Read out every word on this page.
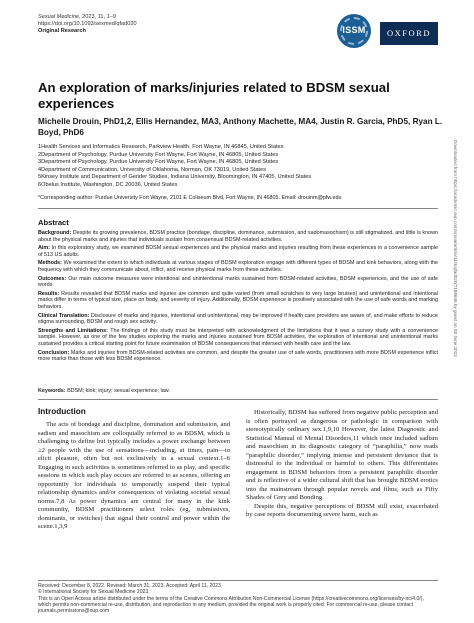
Sexual Medicine, 2023, 11, 1–9
https://doi.org/10.1093/sexmed/qfad020
Original Research	ISSM	OXFORD
An exploration of marks/injuries related to BDSM sexual experiences
Michelle Drouin, PhD1,2, Ellis Hernandez, MA3, Anthony Machette, MA4, Justin R. Garcia, PhD5, Ryan L. Boyd, PhD6
1Health Services and Informatics Research, Parkview Health, Fort Wayne, IN 46845, United States
2Department of Psychology, Purdue University Fort Wayne, Fort Wayne, IN 46805, United States
3Department of Psychology, Purdue University Fort Wayne, Fort Wayne, IN 46805, United States
4Department of Communication, University of Oklahoma, Norman, OK 73019, United States
5Kinsey Institute and Department of Gender Studies, Indiana University, Bloomington, IN 47405, United States
6Obelus Institute, Washington, DC 20036, United States
*Corresponding author: Purdue University Fort Wayne, 2101 E Coliseum Blvd, Fort Wayne, IN 46805. Email: drouinm@pfw.edu
Abstract

Background: Despite its growing prevalence, BDSM practice (bondage, discipline, dominance, submission, and sadomasochism) is still stigmatized, and little is known about the physical marks and injuries that individuals sustain from consensual BDSM-related activities.

Aim: In this exploratory study, we examined BDSM sexual experiences and the physical marks and injuries resulting from these experiences in a convenience sample of 513 US adults.

Methods: We examined the extent to which individuals at various stages of BDSM exploration engage with different types of BDSM and kink behaviors, along with the frequency with which they communicate about, inflict, and receive physical marks from these activities.

Outcomes: Our main outcome measures were intentional and unintentional marks sustained from BDSM-related activities, BDSM experiences, and the use of safe words.

Results: Results revealed that BDSM marks and injuries are common and quite varied (from small scratches to very large bruises) and unintentional and intentional marks differ in terms of typical size, place on body, and severity of injury. Additionally, BDSM experience is positively associated with the use of safe words and marking behaviors.

Clinical Translation: Disclosure of marks and injuries, intentional and unintentional, may be improved if health care providers are aware of, and make efforts to reduce stigma surrounding, BDSM and rough sex activity.

Strengths and Limitations: The findings of this study must be interpreted with acknowledgment of the limitations that it was a survey study with a convenience sample. However, as one of the few studies exploring the marks and injuries sustained from BDSM activities, the exploration of intentional and unintentional marks sustained provides a critical starting point for future examination of BDSM consequences that intersect with health care and the law.

Conclusion: Marks and injuries from BDSM-related activities are common, and despite the greater use of safe words, practitioners with more BDSM experience inflict more marks than those with less BDSM experience.

Keywords: BDSM; kink; injury; sexual experience; law.
Introduction

The acts of bondage and discipline, domination and submission, and sadism and masochism are colloquially referred to as BDSM, which is challenging to define but typically includes a power exchange between ≥2 people with the use of sensations—including, at times, pain—to elicit pleasure, often but not exclusively in a sexual context.1–6 Engaging in such activities is sometimes referred to as play, and specific sessions in which such play occurs are referred to as scenes, offering an opportunity for individuals to temporarily suspend their typical relationship dynamics and/or consequences of violating societal sexual norms.7,8 As power dynamics are central for many in the kink community, BDSM practitioners select roles (eg, submissives, dominants, or switches) that signal their control and power within the scene.1,3,9

Historically, BDSM has suffered from negative public perception and is often portrayed as dangerous or pathologic in comparison with stereotypically ordinary sex.1,9,10 However, the latest Diagnostic and Statistical Manual of Mental Disorders,11 which once included sadism and masochism in its diagnostic category of “paraphilia,” now reads “paraphilic disorder,” implying intense and persistent deviance that is distressful to the individual or harmful to others. This differentiates engagement in BDSM behaviors from a persistent paraphilic disorder and is reflective of a wider cultural shift that has brought BDSM erotics into the mainstream through popular novels and films, such as Fifty Shades of Grey and Bonding.

Despite this, negative perceptions of BDSM still exist, exacerbated by case reports documenting severe harm, such as

Received: December 8, 2022. Revised: March 31, 2023. Accepted: April 11, 2023
© International Society for Sexual Medicine 2023.
This is an Open Access article distributed under the terms of the Creative Commons Attribution Non-Commercial License (https://creativecommons.org/licenses/by-nc/4.0/), which permits non-commercial re-use, distribution, and reproduction in any medium, provided the original work is properly cited. For commercial re-use, please contact journals.permissions@oup.com
Downloaded from https://academic.oup.com/smoa/article/11/3/qfad020/7188646 by guest on 03 June 2023
